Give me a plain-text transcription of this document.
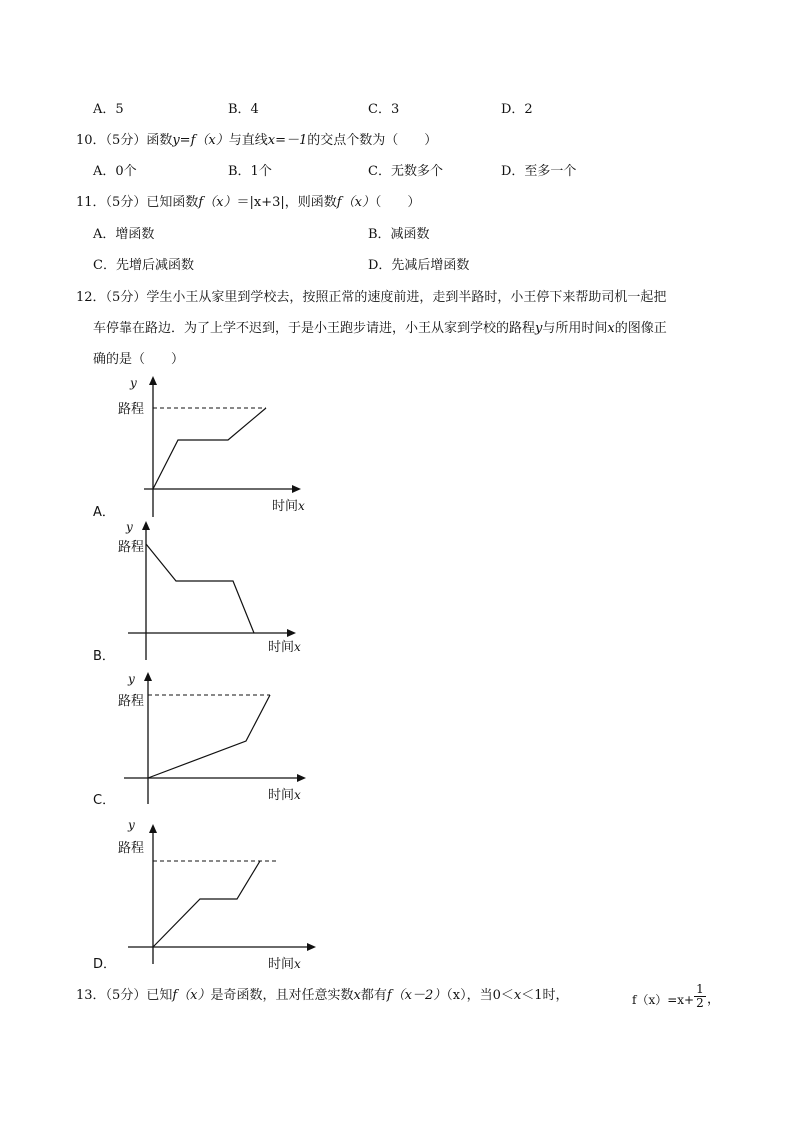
A．5	B．4	C．3	D．2
10．（5分）函数y=f（x）与直线x=－1的交点个数为（　　）
A．0个	B．1个	C．无数多个	D．至多一个
11．（5分）已知函数f（x）＝|x+3|，则函数f（x）（　　）
A．增函数	B．减函数
C．先增后减函数	D．先减后增函数
12．（5分）学生小王从家里到学校去，按照正常的速度前进，走到半路时，小王停下来帮助司机一起把
车停靠在路边．为了上学不迟到，于是小王跑步请进，小王从家到学校的路程y与所用时间x的图像正
确的是（　　）
y
路程
时间x
A．
y
路程
时间x
B．
y
路程
时间x
C．
y
路程
时间x
D．
13．（5分）已知f（x）是奇函数，且对任意实数x都有f（x－2）（x），当0＜x＜1时，	$f(x)=x+ \frac{1}{2}$ ，
